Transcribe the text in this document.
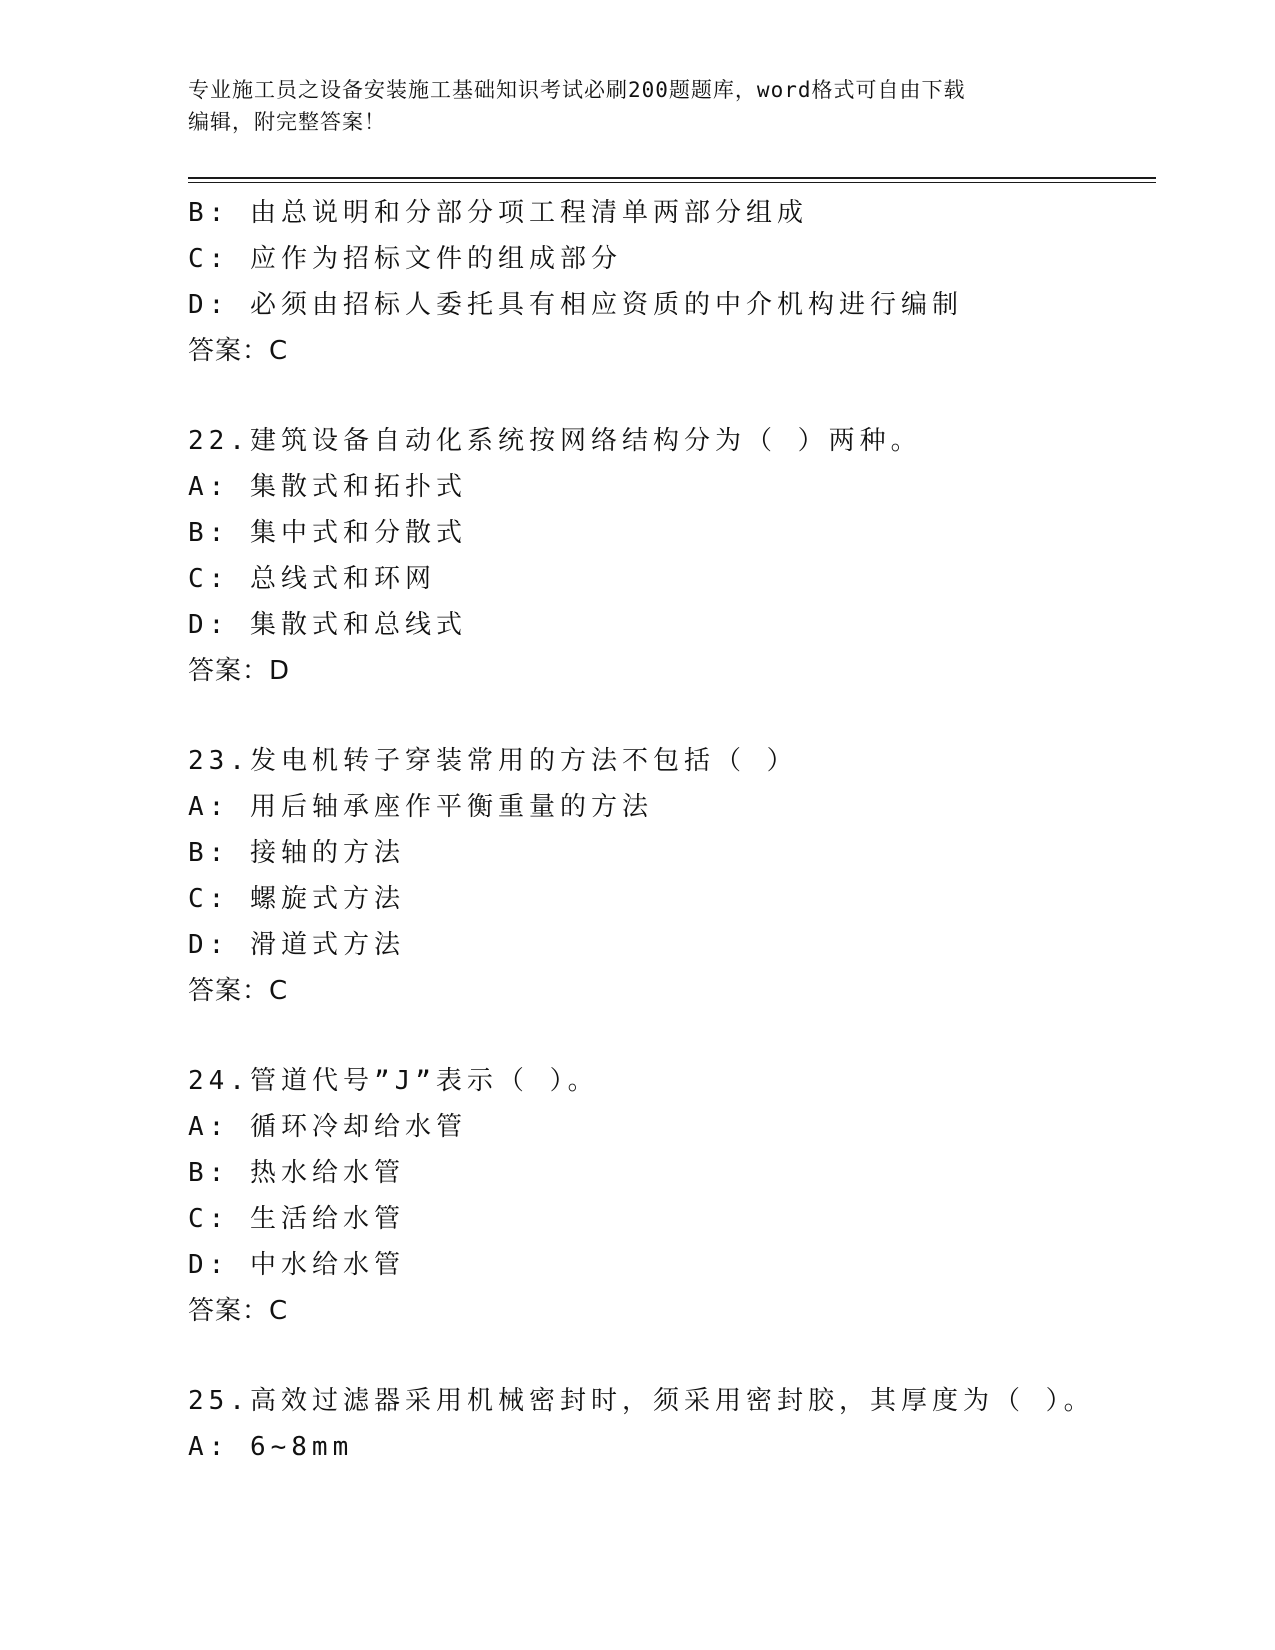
专业施工员之设备安装施工基础知识考试必刷200题题库，word格式可自由下载
编辑，附完整答案！
B: 由总说明和分部分项工程清单两部分组成
C: 应作为招标文件的组成部分
D: 必须由招标人委托具有相应资质的中介机构进行编制
答案：C
22.建筑设备自动化系统按网络结构分为（ ）两种。
A: 集散式和拓扑式
B: 集中式和分散式
C: 总线式和环网
D: 集散式和总线式
答案：D
23.发电机转子穿装常用的方法不包括（ ）
A: 用后轴承座作平衡重量的方法
B: 接轴的方法
C: 螺旋式方法
D: 滑道式方法
答案：C
24.管道代号”J”表示（ ）。
A: 循环冷却给水管
B: 热水给水管
C: 生活给水管
D: 中水给水管
答案：C
25.高效过滤器采用机械密封时，须采用密封胶，其厚度为（ ）。
A: 6~8mm
